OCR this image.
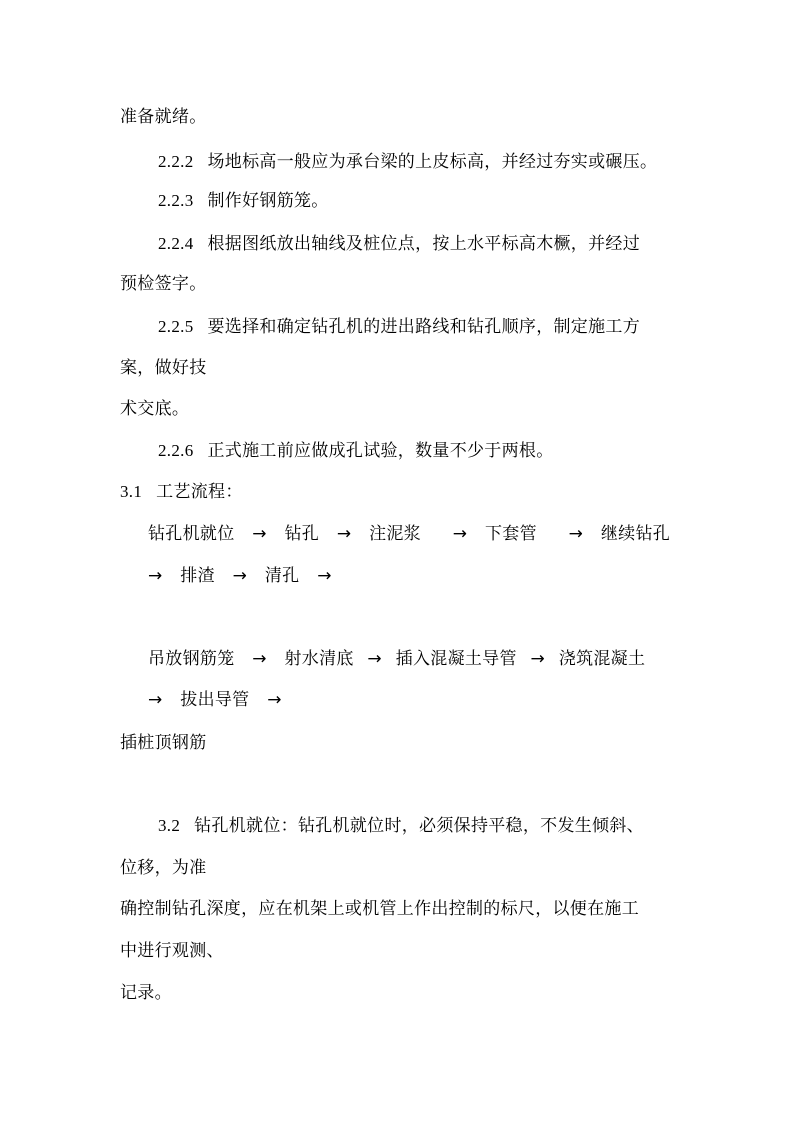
准备就绪。
2.2.2 场地标高一般应为承台梁的上皮标高，并经过夯实或碾压。
2.2.3 制作好钢筋笼。
2.2.4 根据图纸放出轴线及桩位点，按上水平标高木橛，并经过
预检签字。
2.2.5 要选择和确定钻孔机的进出路线和钻孔顺序，制定施工方
案，做好技
术交底。
2.2.6 正式施工前应做成孔试验，数量不少于两根。
3.1 工艺流程：
钻孔机就位 → 钻孔 → 注泥浆 → 下套管 → 继续钻孔
→ 排渣 → 清孔 →
吊放钢筋笼 → 射水清底 → 插入混凝土导管 → 浇筑混凝土
→ 拔出导管 →
插桩顶钢筋
3.2 钻孔机就位：钻孔机就位时，必须保持平稳，不发生倾斜、
位移，为准
确控制钻孔深度，应在机架上或机管上作出控制的标尺，以便在施工
中进行观测、
记录。
